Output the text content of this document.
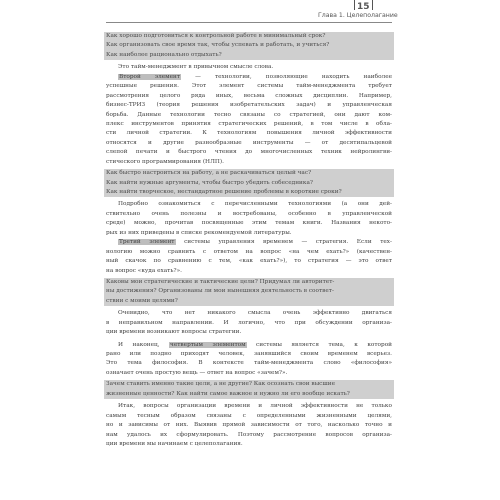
15
Глава 1. Целеполагание
Как хорошо подготовиться к контрольной работе в минимальный срок?
Как организовать свое время так, чтобы успевать и работать, и учиться?
Как наиболее рационально отдыхать?
Это тайм-менеджмент в привычном смысле слова.
Второй элемент — технологии, позволяющие находить наиболее
успешные решения. Этот элемент системы тайм-менеджмента требует
рассмотрения целого ряда иных, весьма сложных дисциплин. Например,
бизнес-ТРИЗ (теория решения изобретательских задач) и управленческая
борьба. Данные технологии тесно связаны со стратегией, они дают ком-
плекс инструментов принятия стратегических решений, в том числе в обла-
сти личной стратегии. К технологиям повышения личной эффективности
относятся и другие разнообразные инструменты — от десятипальцевой
слепой печати и быстрого чтения до многочисленных техник нейролингви-
стического программирования (НЛП).
Как быстро настроиться на работу, а не раскачиваться целый час?
Как найти нужные аргументы, чтобы быстро убедить собеседника?
Как найти творческое, нестандартное решение проблемы в короткие сроки?
Подробно ознакомиться с перечисленными технологиями (а они дей-
ствительно очень полезны и востребованы, особенно в управленческой
среде) можно, прочитав посвященные этим темам книги. Названия некото-
рых из них приведены в списке рекомендуемой литературы.
Третий элемент системы управления временем — стратегия. Если тех-
нологию можно сравнить с ответом на вопрос «на чем ехать?» (качествен-
ный скачок по сравнению с тем, «как ехать?»), то стратегия — это ответ
на вопрос «куда ехать?».
Каковы мои стратегические и тактические цели? Придумал ли авторитет-
ны достижения? Организованы ли мои нынешняя деятельность в соответ-
ствии с моими целями?
Очевидно, что нет никакого смысла очень эффективно двигаться
в неправильном направлении. И логично, что при обсуждении организа-
ции времени возникают вопросы стратегии.
И наконец, четвертым элементом системы является тема, к которой
рано или поздно приходят человек, занявшийся своим временем всерьез.
Это тема философия. В контексте тайм-менеджмента слово «философия»
означает очень простую вещь — ответ на вопрос «зачем?».
Зачем ставить именно такие цели, а не другие? Как осознать свои высшие
жизненные ценности? Как найти самое важное и нужно ли его вообще искать?
Итак, вопросы организации времени и личной эффективности не только
самым тесным образом связаны с определенными жизненными целями,
но и зависимы от них. Выявив прямой зависимости от того, насколько точно и
нам удалось их сформулировать. Поэтому рассмотрение вопросов организа-
ции времени мы начинаем с целеполагания.
